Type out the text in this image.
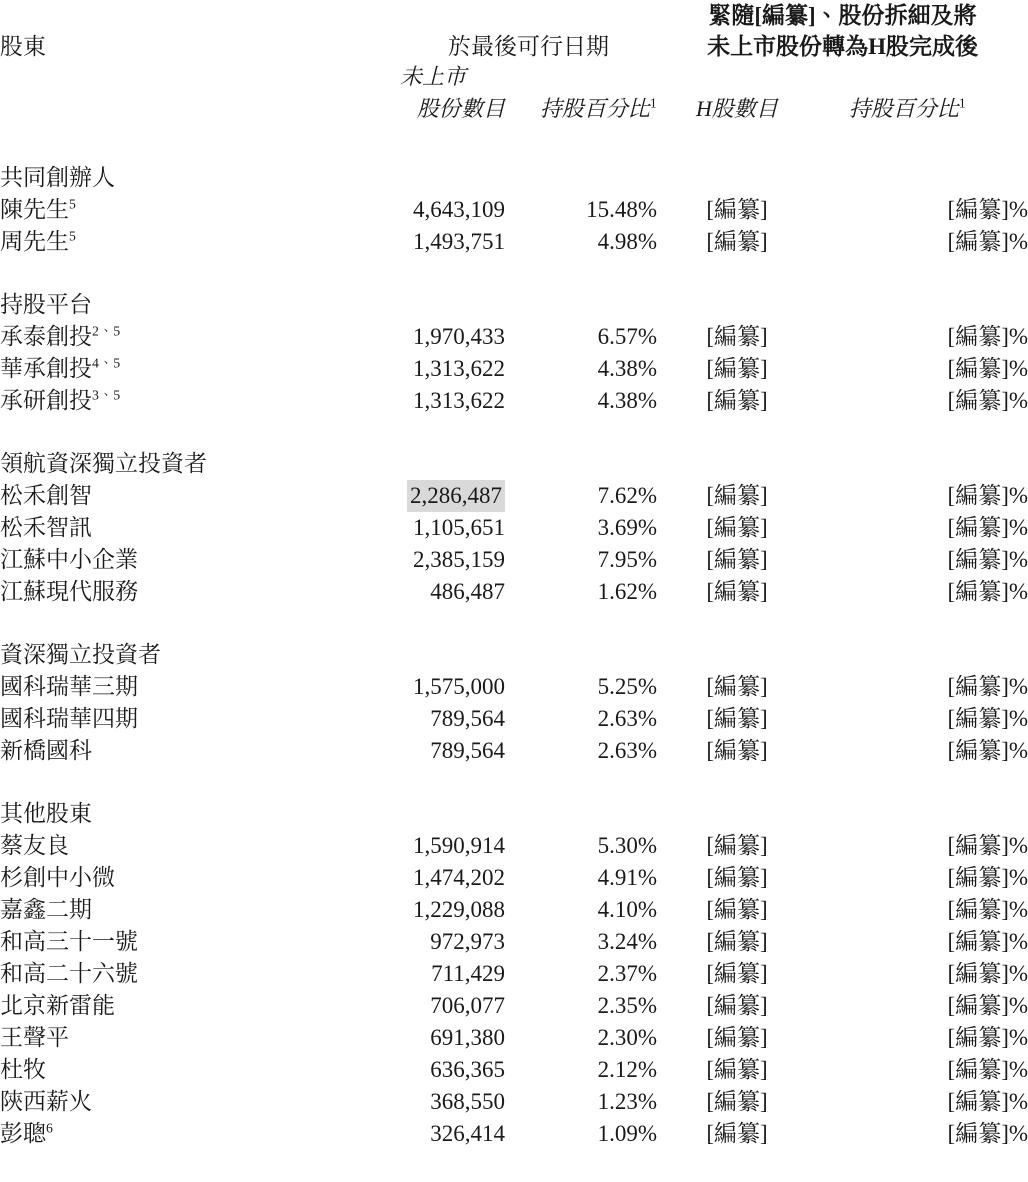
			緊隨[編纂]、股份拆細及將	

股東	於最後可行日期		未上市股份轉為H股完成後	

	未上市			
	股份數目	持股百分比$^1$	H股數目	持股百分比$^1$

共同創辦人				
陳先生$^5$	4,643,109	15.48%	[編纂]	[編纂]%
周先生$^5$	1,493,751	4.98%	[編纂]	[編纂]%

持股平台				
承泰創投$^{2、5}$	1,970,433	6.57%	[編纂]	[編纂]%
華承創投$^{4、5}$	1,313,622	4.38%	[編纂]	[編纂]%
承研創投$^{3、5}$	1,313,622	4.38%	[編纂]	[編纂]%

領航資深獨立投資者				
松禾創智	2,286,487	7.62%	[編纂]	[編纂]%
松禾智訊	1,105,651	3.69%	[編纂]	[編纂]%
江蘇中小企業	2,385,159	7.95%	[編纂]	[編纂]%
江蘇現代服務	486,487	1.62%	[編纂]	[編纂]%

資深獨立投資者				
國科瑞華三期	1,575,000	5.25%	[編纂]	[編纂]%
國科瑞華四期	789,564	2.63%	[編纂]	[編纂]%
新橋國科	789,564	2.63%	[編纂]	[編纂]%

其他股東				
蔡友良	1,590,914	5.30%	[編纂]	[編纂]%
杉創中小微	1,474,202	4.91%	[編纂]	[編纂]%
嘉鑫二期	1,229,088	4.10%	[編纂]	[編纂]%
和高三十一號	972,973	3.24%	[編纂]	[編纂]%
和高二十六號	711,429	2.37%	[編纂]	[編纂]%
北京新雷能	706,077	2.35%	[編纂]	[編纂]%
王聲平	691,380	2.30%	[編纂]	[編纂]%
杜牧	636,365	2.12%	[編纂]	[編纂]%
陝西薪火	368,550	1.23%	[編纂]	[編纂]%
彭聰$^6$	326,414	1.09%	[編纂]	[編纂]%
